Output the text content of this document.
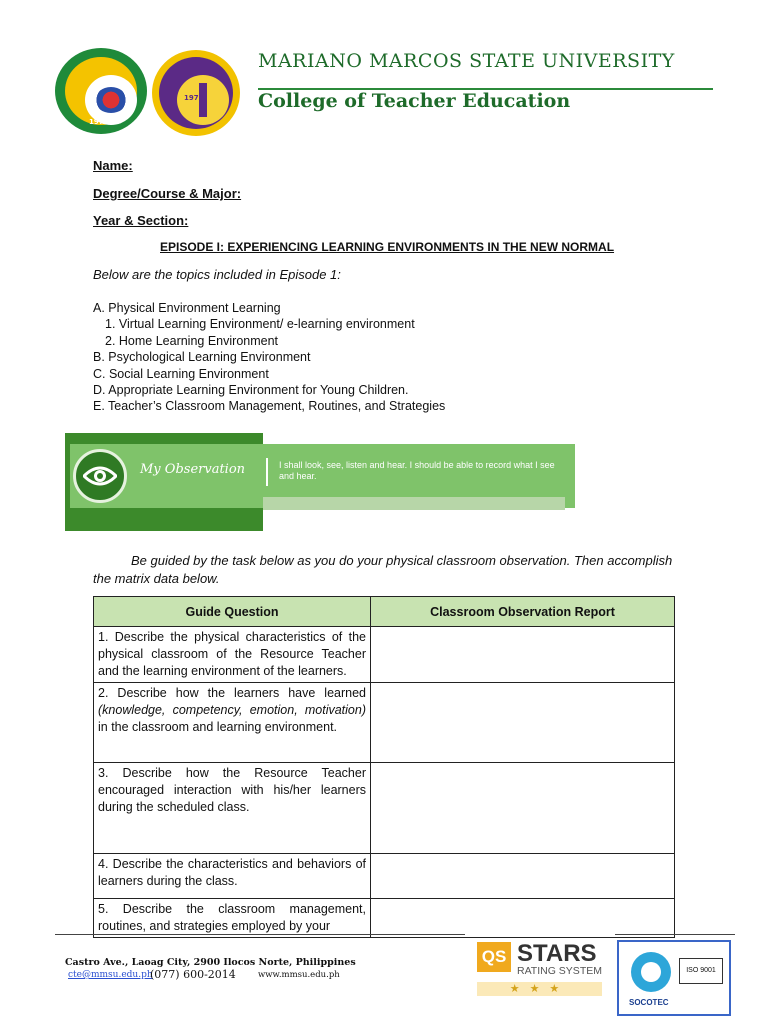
1978
1978
MARIANO MARCOS STATE UNIVERSITY
College of Teacher Education
Name:
Degree/Course & Major:
Year & Section:
EPISODE I: EXPERIENCING LEARNING ENVIRONMENTS IN THE NEW NORMAL
Below are the topics included in Episode 1:
A. Physical Environment Learning
1. Virtual Learning Environment/ e-learning environment
2. Home Learning Environment
B. Psychological Learning Environment
C. Social Learning Environment
D. Appropriate Learning Environment for Young Children.
E. Teacher’s Classroom Management, Routines, and Strategies
My Observation	I shall look, see, listen and hear. I should be able to record what I see and hear.
Be guided by the task below as you do your physical classroom observation. Then accomplish the matrix data below.
Guide Question	Classroom Observation Report
1. Describe the physical characteristics of the physical classroom of the Resource Teacher and the learning environment of the learners.	
2. Describe how the learners have learned (knowledge, competency, emotion, motivation) in the classroom and learning environment.	
3. Describe how the Resource Teacher encouraged interaction with his/her learners during the scheduled class.	
4. Describe the characteristics and behaviors of learners during the class.	
5. Describe the classroom management, routines, and strategies employed by your	
Castro Ave., Laoag City, 2900 Ilocos Norte, Philippines
cte@mmsu.edu.ph
(077) 600-2014	www.mmsu.edu.ph
QS STARS
RATING SYSTEM
★★★
ISO 9001
SOCOTEC
